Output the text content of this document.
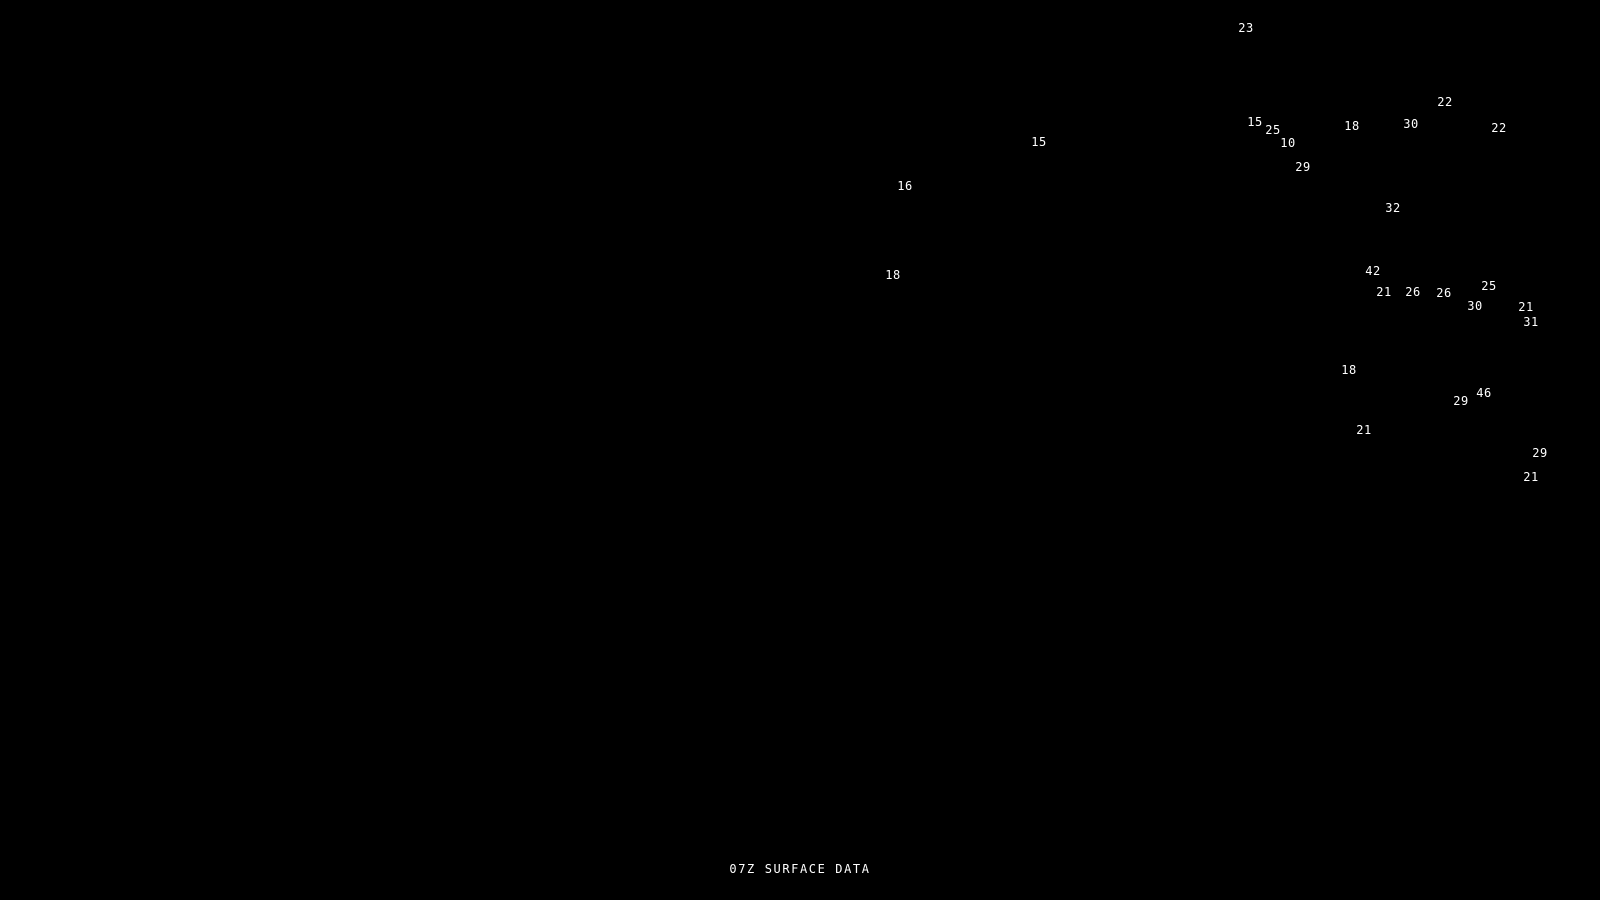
23
22
15
25	18	30	22
15	10
29
16
32
42
18
25
21 26 26
30	21
31
18
46
29
21
29
21
07Z SURFACE DATA
